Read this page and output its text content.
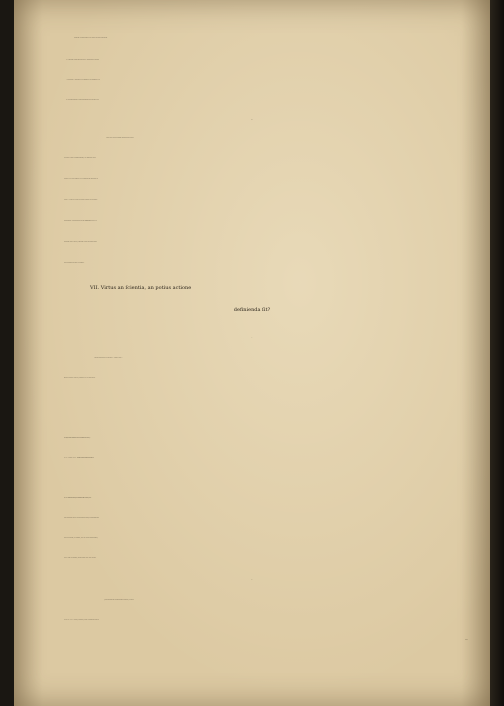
quartum in perſpicientia veri atque ſolertia occupatum.
III. tanquam virtutem moralem ex Cardinalibus quartá
I V. Scientia & Sapientia vel conjungit vel commiſcet. un-
de Prudentiſſimum & Sapientiſſimum pro iiſdem habet.
III.
Unde patet Ciceronianam tractationem captui
populari potius accommodatam,ut ab omnibus facilè
percipi et ad vitæ conſilia & ad honeſtatem transferri po-
tuerit : Et hinc ni fallor eſt quoque conciſa illa tractatio
Ciceroniana: Ariſtotelicam autem ἀκριβέστερόν τι ſapere &
naturam hujus virtutis, tanquam Ducis cujuſdam mora-
lium actionum plenius exprimere.
VII. Virtus an ſcientia, an potius actione
definienda ſit?
I.
Egregia Ciceronis eſt ſententia : Virtutis laus o-
mnis in actione conſiſtit, deſcripta ex illo Ariſtotelis:
ἐν τῷ βίῳ καλῶν ἀγαθῶν οἱ πράττοντες ἐπήβολοι γίνονται, &
lib. 2. Nicom. cap. 2. ἡ πρᾶξις πραγματεία οὐ θεωρίας ἕνεκά
ἀλλ᾽ ἵν᾽ ἀγαθοὶ γενώμεθα, ἐπεὶ οὐδὲν ἂν ἦν ὄφελος αὐτῆς, præ-
ſens tractatio non eſt ſpeculationis causâ, quemadmodum
aliæ: non enim, ut ſciamus, quid ſit virtus conſideramus,
ſed ut boni efficiamur, alioqui nulla eſſet ejus utilitas.
II.
Quam ſententiam elegantiſſimè tranſtulit, Seneca
epiſt. 20. & 24: Facere, inquiens, docet Philoſophia non di-
cere.
